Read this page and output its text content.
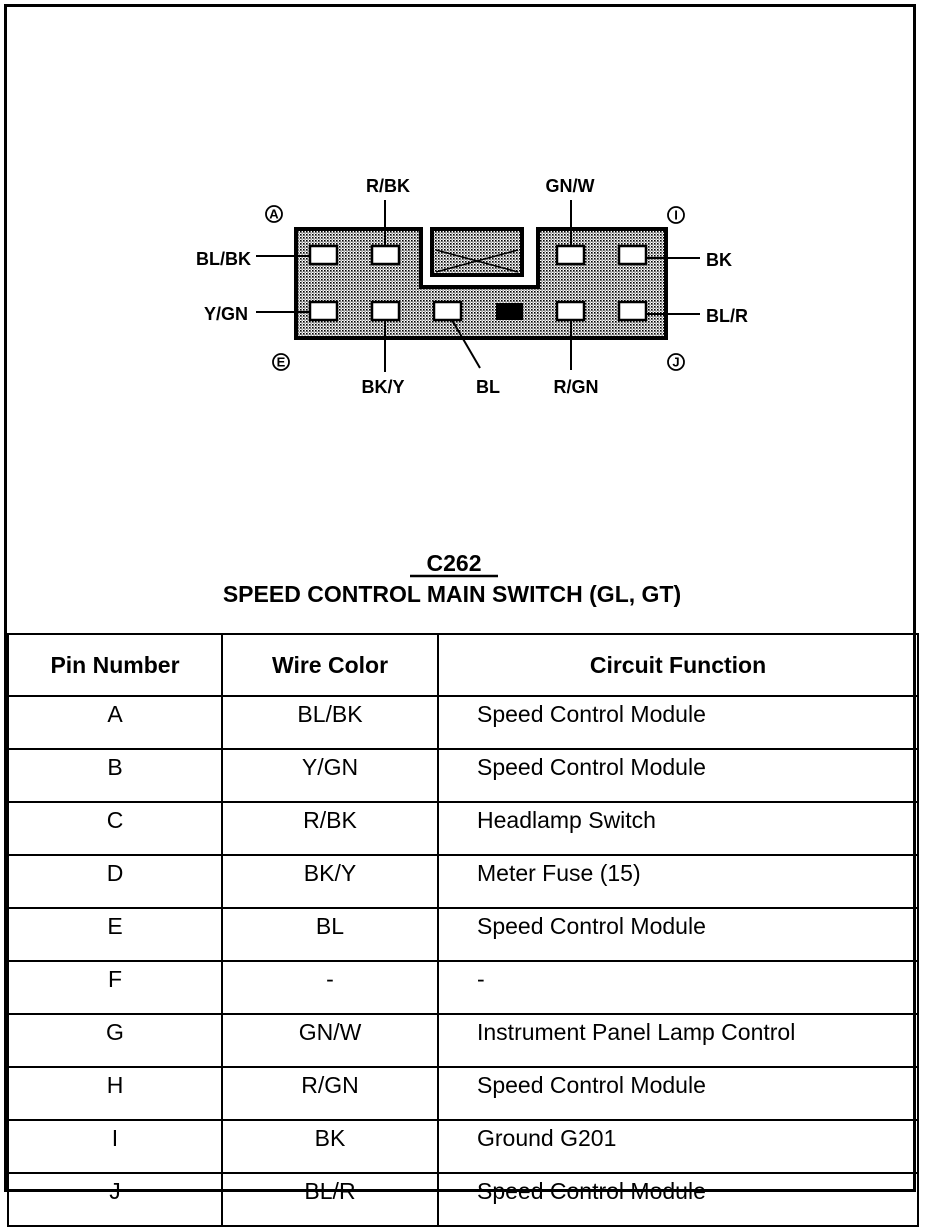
R/BK	GN/W
BL/BK	BK
Y/GN	BL/R
BK/Y	BL	R/GN
A
E
I
J
C262
SPEED CONTROL MAIN SWITCH (GL, GT)
Pin Number	Wire Color	Circuit Function
A	BL/BK	Speed Control Module
B	Y/GN	Speed Control Module
C	R/BK	Headlamp Switch
D	BK/Y	Meter Fuse (15)
E	BL	Speed Control Module
F	-	-
G	GN/W	Instrument Panel Lamp Control
H	R/GN	Speed Control Module
I	BK	Ground G201
J	BL/R	Speed Control Module
